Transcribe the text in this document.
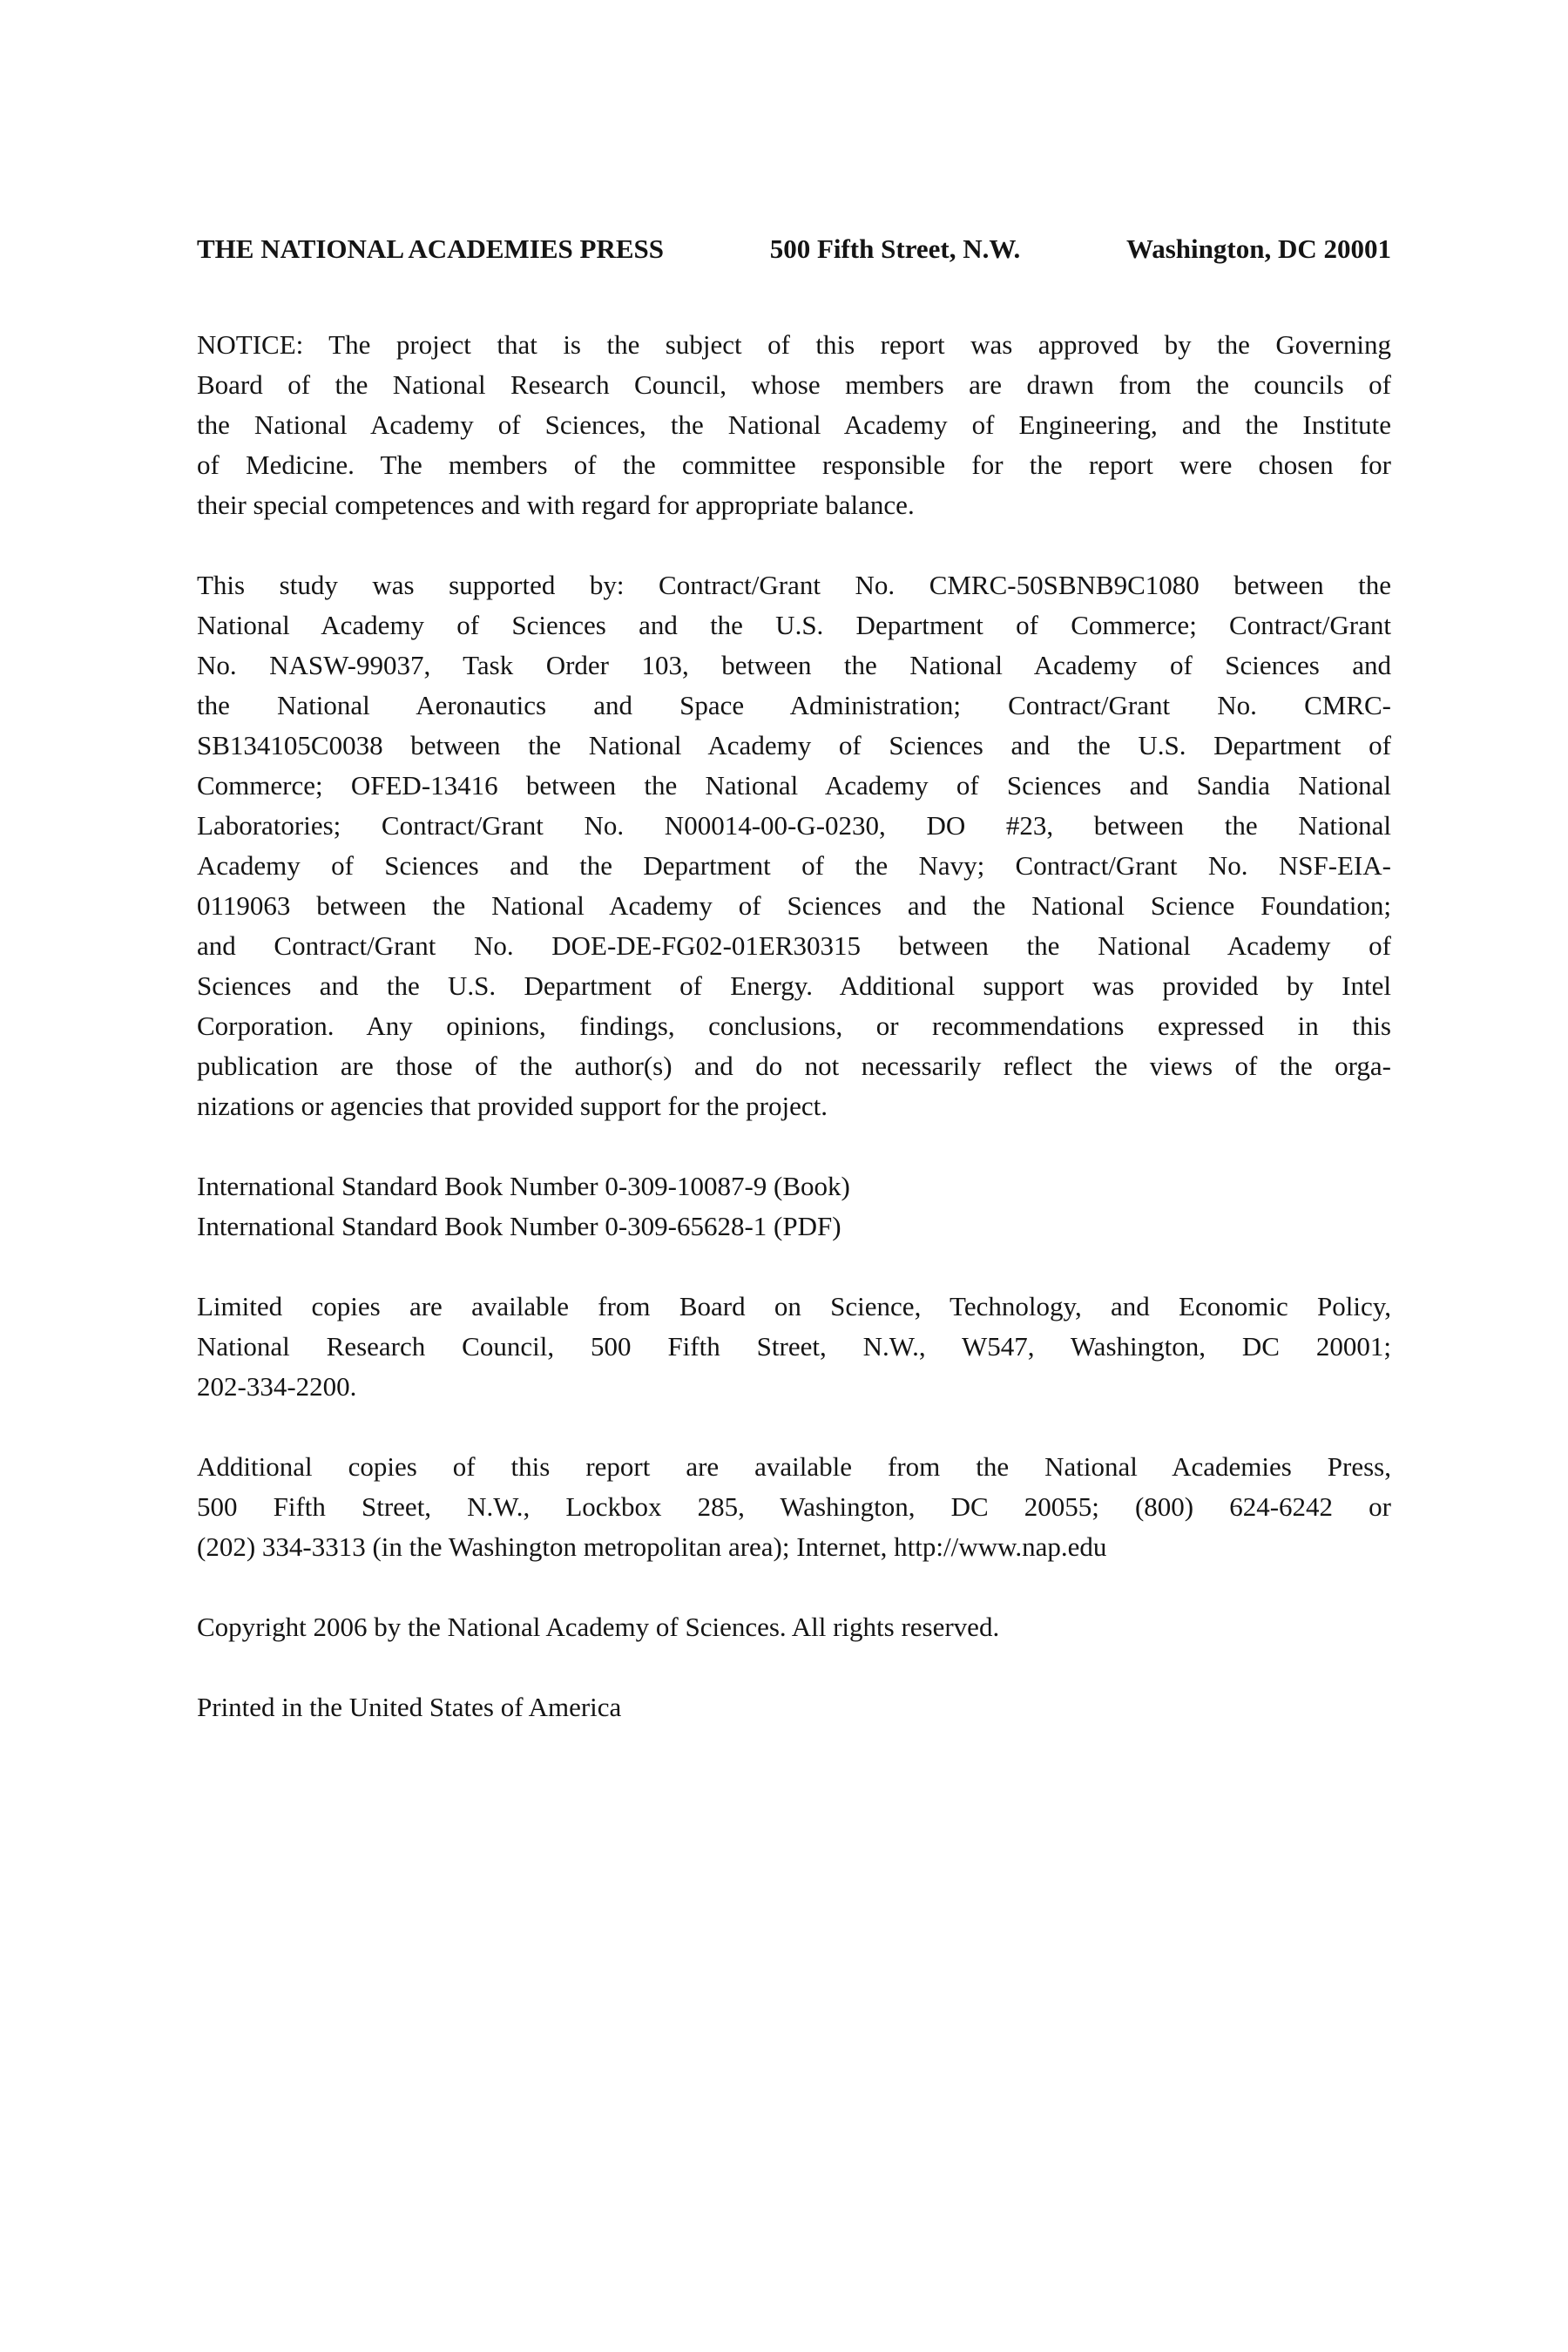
THE NATIONAL ACADEMIES PRESS	500 Fifth Street, N.W.	Washington, DC 20001
NOTICE: The project that is the subject of this report was approved by the Governing
Board of the National Research Council, whose members are drawn from the councils of
the National Academy of Sciences, the National Academy of Engineering, and the Institute
of Medicine. The members of the committee responsible for the report were chosen for
their special competences and with regard for appropriate balance.
This study was supported by: Contract/Grant No. CMRC-50SBNB9C1080 between the
National Academy of Sciences and the U.S. Department of Commerce; Contract/Grant
No. NASW-99037, Task Order 103, between the National Academy of Sciences and
the National Aeronautics and Space Administration; Contract/Grant No. CMRC-
SB134105C0038 between the National Academy of Sciences and the U.S. Department of
Commerce; OFED-13416 between the National Academy of Sciences and Sandia National
Laboratories; Contract/Grant No. N00014-00-G-0230, DO #23, between the National
Academy of Sciences and the Department of the Navy; Contract/Grant No. NSF-EIA-
0119063 between the National Academy of Sciences and the National Science Foundation;
and Contract/Grant No. DOE-DE-FG02-01ER30315 between the National Academy of
Sciences and the U.S. Department of Energy. Additional support was provided by Intel
Corporation. Any opinions, findings, conclusions, or recommendations expressed in this
publication are those of the author(s) and do not necessarily reflect the views of the orga-
nizations or agencies that provided support for the project.
International Standard Book Number 0-309-10087-9 (Book)
International Standard Book Number 0-309-65628-1 (PDF)
Limited copies are available from Board on Science, Technology, and Economic Policy,
National Research Council, 500 Fifth Street, N.W., W547, Washington, DC 20001;
202-334-2200.
Additional copies of this report are available from the National Academies Press,
500 Fifth Street, N.W., Lockbox 285, Washington, DC 20055; (800) 624-6242 or
(202) 334-3313 (in the Washington metropolitan area); Internet, http://www.nap.edu
Copyright 2006 by the National Academy of Sciences. All rights reserved.
Printed in the United States of America
